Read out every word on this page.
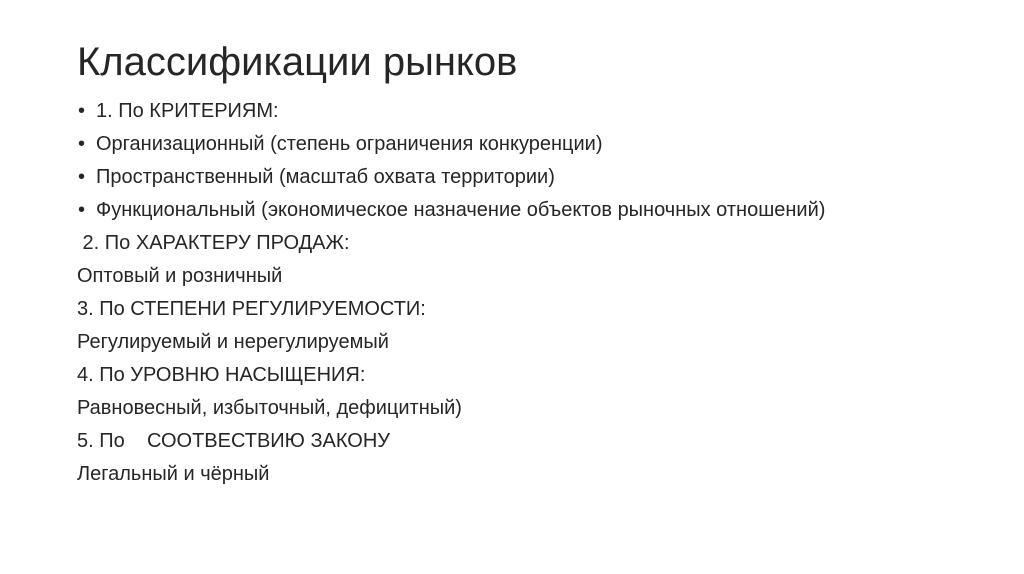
Классификации рынков
• 1. По КРИТЕРИЯМ:
• Организационный (степень ограничения конкуренции)
• Пространственный (масштаб охвата территории)
• Функциональный (экономическое назначение объектов рыночных отношений)
2. По ХАРАКТЕРУ ПРОДАЖ:
Оптовый и розничный
3. По СТЕПЕНИ РЕГУЛИРУЕМОСТИ:
Регулируемый и нерегулируемый
4. По УРОВНЮ НАСЫЩЕНИЯ:
Равновесный, избыточный, дефицитный)
5. По    СООТВЕСТВИЮ ЗАКОНУ
Легальный и чёрный
